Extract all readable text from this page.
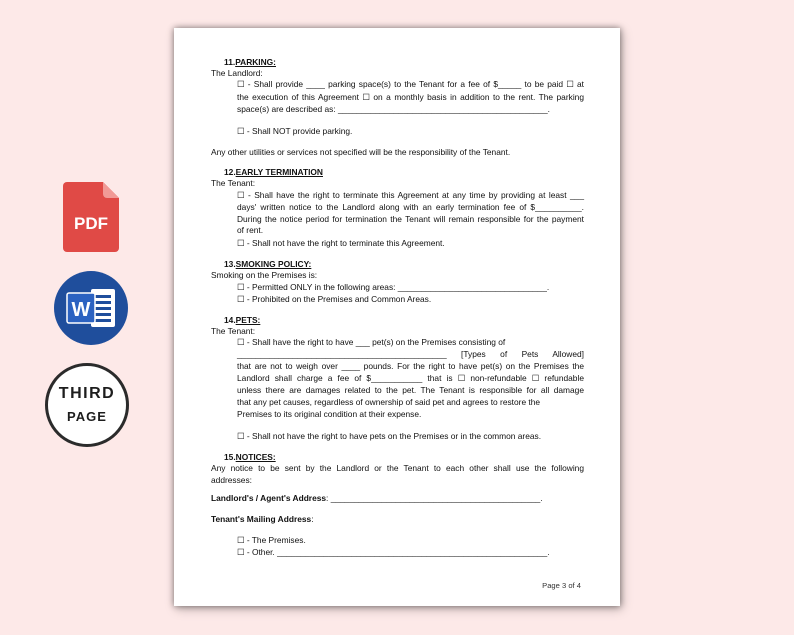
PDF
W
THIRD
PAGE
11.PARKING:
The Landlord:
☐ - Shall provide ____ parking space(s) to the Tenant for a fee of $_____ to be paid ☐ at
the execution of this Agreement ☐ on a monthly basis in addition to the rent. The parking
space(s) are described as: _____________________________________________.
☐ - Shall NOT provide parking.
Any other utilities or services not specified will be the responsibility of the Tenant.
12.EARLY TERMINATION
The Tenant:
☐ - Shall have the right to terminate this Agreement at any time by providing at least ___
days' written notice to the Landlord along with an early termination fee of $__________.
During the notice period for termination the Tenant will remain responsible for the payment
of rent.
☐ - Shall not have the right to terminate this Agreement.
13.SMOKING POLICY:
Smoking on the Premises is:
☐ - Permitted ONLY in the following areas: ________________________________.
☐ - Prohibited on the Premises and Common Areas.
14.PETS:
The Tenant:
☐ - Shall have the right to have ___ pet(s) on the Premises consisting of
_____________________________________________ [Types of Pets Allowed]
that are not to weigh over ____ pounds. For the right to have pet(s) on the Premises the
Landlord shall charge a fee of $___________ that is ☐ non-refundable ☐ refundable
unless there are damages related to the pet. The Tenant is responsible for all damage
that any pet causes, regardless of ownership of said pet and agrees to restore the
Premises to its original condition at their expense.
☐ - Shall not have the right to have pets on the Premises or in the common areas.
15.NOTICES:
Any notice to be sent by the Landlord or the Tenant to each other shall use the following
addresses:
Landlord's / Agent's Address: _____________________________________________.
Tenant's Mailing Address:
☐ - The Premises.
☐ - Other. __________________________________________________________.
Page 3 of 4
